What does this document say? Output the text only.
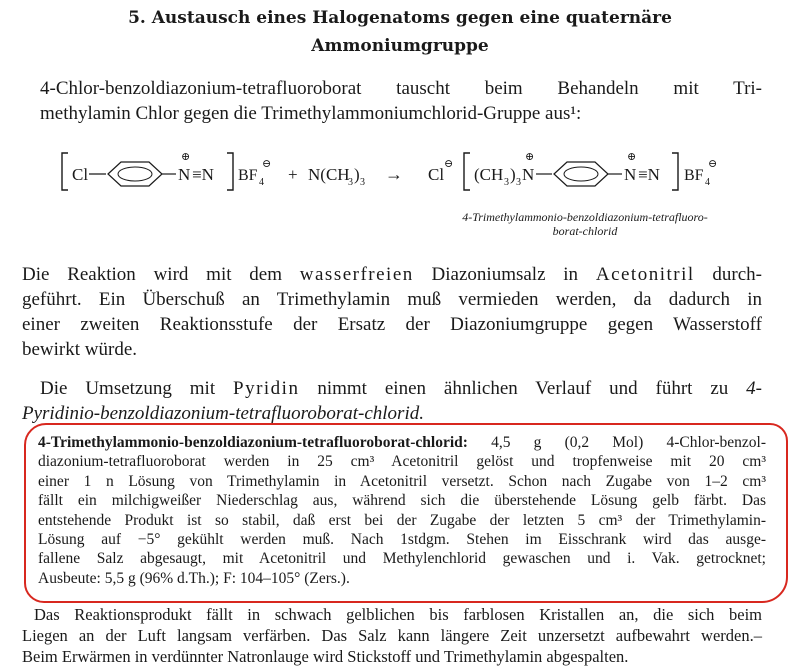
5. Austausch eines Halogenatoms gegen eine quaternäre
Ammoniumgruppe
4-Chlor-benzoldiazonium-tetrafluoroborat tauscht beim Behandeln mit Tri-
methylamin Chlor gegen die Trimethylammoniumchlorid-Gruppe aus¹:
Cl
⊕
N ≡N BF 4
⊖
+ N(CH
3 ) 3 → Cl
⊖
(CH 3 ) 3
⊕
N
⊕
N ≡N BF 4
⊖
4-Trimethylammonio-benzoldiazonium-tetrafluoro-
borat-chlorid
Die Reaktion wird mit dem wasserfreien Diazoniumsalz in Acetonitril durch-
geführt. Ein Überschuß an Trimethylamin muß vermieden werden, da dadurch in
einer zweiten Reaktionsstufe der Ersatz der Diazoniumgruppe gegen Wasserstoff
bewirkt würde.
Die Umsetzung mit Pyridin nimmt einen ähnlichen Verlauf und führt zu 4-
Pyridinio-benzoldiazonium-tetrafluoroborat-chlorid.
4-Trimethylammonio-benzoldiazonium-tetrafluoroborat-chlorid: 4,5 g (0,2 Mol) 4-Chlor-benzol-
diazonium-tetrafluoroborat werden in 25 cm³ Acetonitril gelöst und tropfenweise mit 20 cm³
einer 1 n Lösung von Trimethylamin in Acetonitril versetzt. Schon nach Zugabe von 1–2 cm³
fällt ein milchigweißer Niederschlag aus, während sich die überstehende Lösung gelb färbt. Das
entstehende Produkt ist so stabil, daß erst bei der Zugabe der letzten 5 cm³ der Trimethylamin-
Lösung auf −5° gekühlt werden muß. Nach 1stdgm. Stehen im Eisschrank wird das ausge-
fallene Salz abgesaugt, mit Acetonitril und Methylenchlorid gewaschen und i. Vak. getrocknet;
Ausbeute: 5,5 g (96% d.Th.); F: 104–105° (Zers.).
Das Reaktionsprodukt fällt in schwach gelblichen bis farblosen Kristallen an, die sich beim
Liegen an der Luft langsam verfärben. Das Salz kann längere Zeit unzersetzt aufbewahrt werden.–
Beim Erwärmen in verdünnter Natronlauge wird Stickstoff und Trimethylamin abgespalten.
